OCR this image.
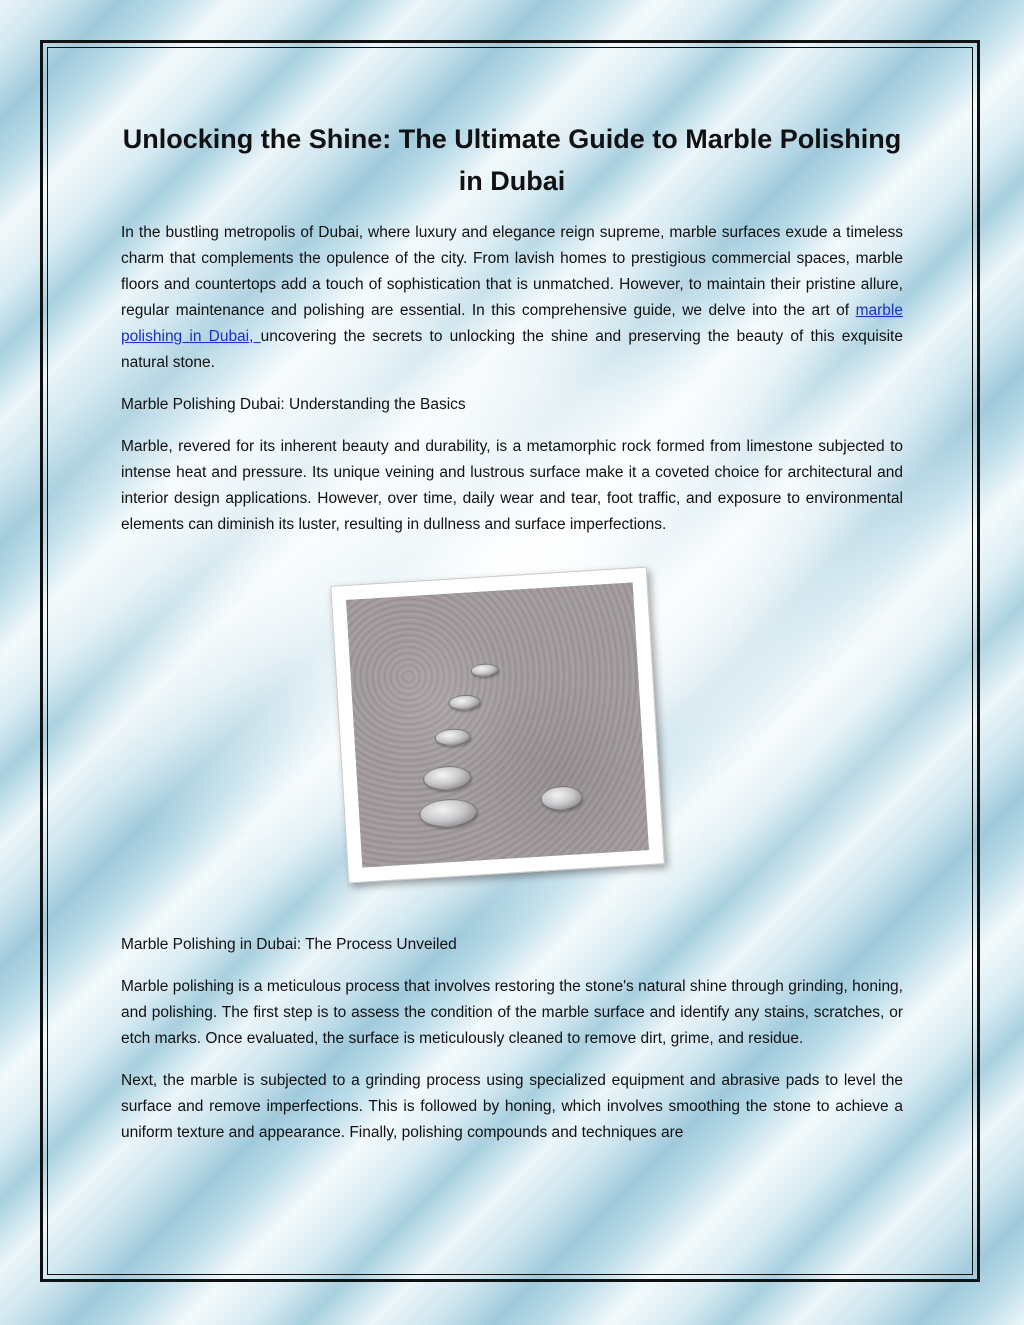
Unlocking the Shine: The Ultimate Guide to Marble Polishing in Dubai

In the bustling metropolis of Dubai, where luxury and elegance reign supreme, marble surfaces exude a timeless charm that complements the opulence of the city. From lavish homes to prestigious commercial spaces, marble floors and countertops add a touch of sophistication that is unmatched. However, to maintain their pristine allure, regular maintenance and polishing are essential. In this comprehensive guide, we delve into the art of marble polishing in Dubai, uncovering the secrets to unlocking the shine and preserving the beauty of this exquisite natural stone.

Marble Polishing Dubai: Understanding the Basics

Marble, revered for its inherent beauty and durability, is a metamorphic rock formed from limestone subjected to intense heat and pressure. Its unique veining and lustrous surface make it a coveted choice for architectural and interior design applications. However, over time, daily wear and tear, foot traffic, and exposure to environmental elements can diminish its luster, resulting in dullness and surface imperfections.

Marble Polishing in Dubai: The Process Unveiled

Marble polishing is a meticulous process that involves restoring the stone's natural shine through grinding, honing, and polishing. The first step is to assess the condition of the marble surface and identify any stains, scratches, or etch marks. Once evaluated, the surface is meticulously cleaned to remove dirt, grime, and residue.

Next, the marble is subjected to a grinding process using specialized equipment and abrasive pads to level the surface and remove imperfections. This is followed by honing, which involves smoothing the stone to achieve a uniform texture and appearance. Finally, polishing compounds and techniques are
